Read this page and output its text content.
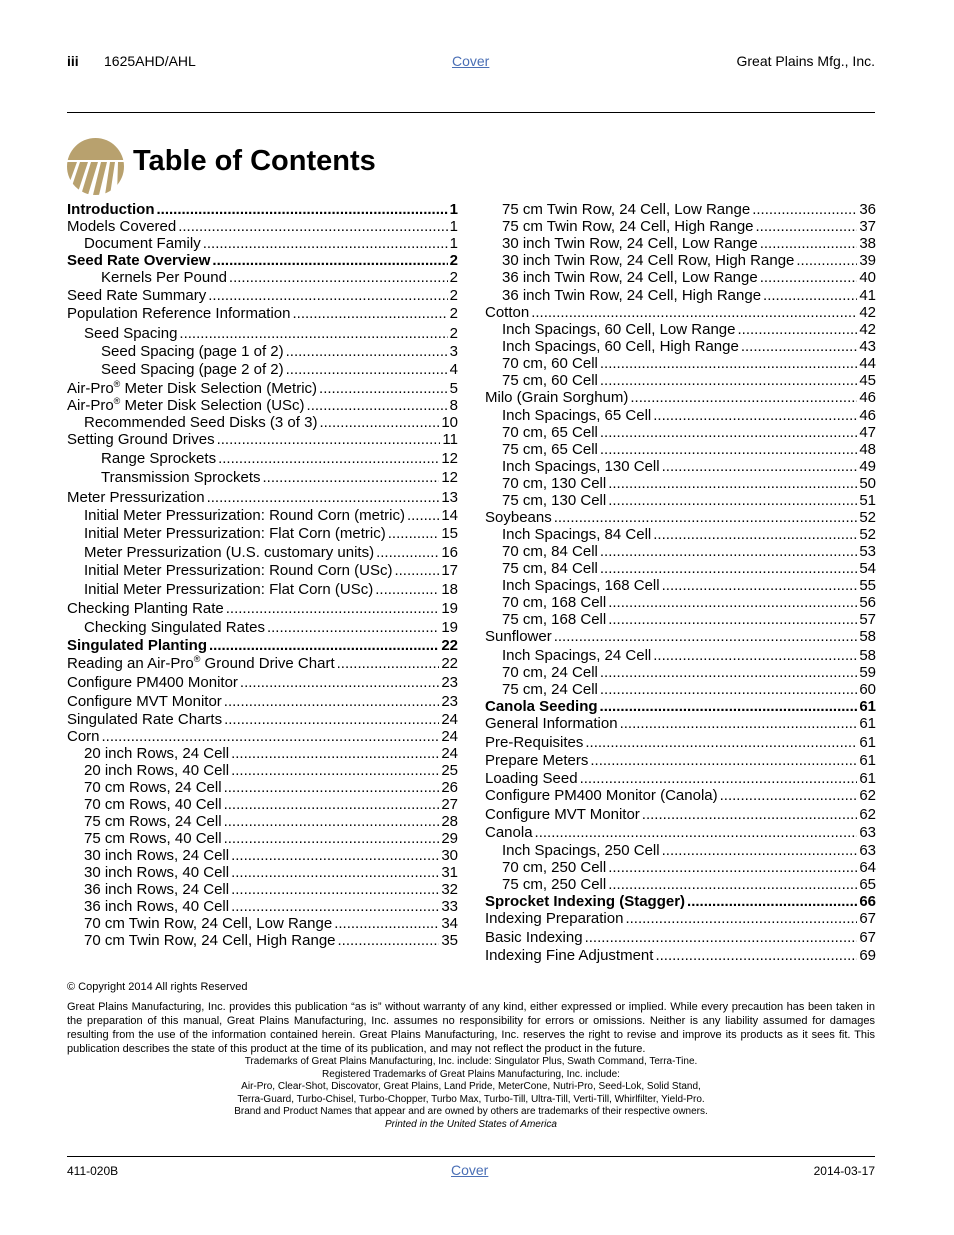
iii 1625AHD/AHL	Cover	Great Plains Mfg., Inc.
Table of Contents
Introduction .....	1
Models Covered .....	1
Document Family .....	1
Seed Rate Overview .....	2
Kernels Per Pound .....	2
Seed Rate Summary .....	2
Population Reference Information .....	2
Seed Spacing .....	2
Seed Spacing (page 1 of 2) .....	3
Seed Spacing (page 2 of 2) .....	4
Air-Pro® Meter Disk Selection (Metric) .....	5
Air-Pro® Meter Disk Selection (USc) .....	8
Recommended Seed Disks (3 of 3) .....	10
Setting Ground Drives .....	11
Range Sprockets .....	12
Transmission Sprockets .....	12
Meter Pressurization .....	13
Initial Meter Pressurization: Round Corn (metric) ..... 14
Initial Meter Pressurization: Flat Corn (metric) .....	15
Meter Pressurization (U.S. customary units) .....	16
Initial Meter Pressurization: Round Corn (USc) .....	17
Initial Meter Pressurization: Flat Corn (USc) .....	18
Checking Planting Rate .....	19
Checking Singulated Rates .....	19
Singulated Planting .....	22
Reading an Air-Pro® Ground Drive Chart .....	22
Configure PM400 Monitor .....	23
Configure MVT Monitor .....	23
Singulated Rate Charts .....	24
Corn .....	24
20 inch Rows, 24 Cell .....	24
20 inch Rows, 40 Cell .....	25
70 cm Rows, 24 Cell .....	26
70 cm Rows, 40 Cell .....	27
75 cm Rows, 24 Cell .....	28
75 cm Rows, 40 Cell .....	29
30 inch Rows, 24 Cell .....	30
30 inch Rows, 40 Cell .....	31
36 inch Rows, 24 Cell .....	32
36 inch Rows, 40 Cell .....	33
70 cm Twin Row, 24 Cell, Low Range .....	34
70 cm Twin Row, 24 Cell, High Range .....	35
75 cm Twin Row, 24 Cell, Low Range .....	36
75 cm Twin Row, 24 Cell, High Range .....	37
30 inch Twin Row, 24 Cell, Low Range .....	38
30 inch Twin Row, 24 Cell Row, High Range .....	39
36 inch Twin Row, 24 Cell, Low Range .....	40
36 inch Twin Row, 24 Cell, High Range .....	41
Cotton .....	42
Inch Spacings, 60 Cell, Low Range .....	42
Inch Spacings, 60 Cell, High Range .....	43
70 cm, 60 Cell .....	44
75 cm, 60 Cell .....	45
Milo (Grain Sorghum) .....	46
Inch Spacings, 65 Cell .....	46
70 cm, 65 Cell .....	47
75 cm, 65 Cell .....	48
Inch Spacings, 130 Cell .....	49
70 cm, 130 Cell .....	50
75 cm, 130 Cell .....	51
Soybeans .....	52
Inch Spacings, 84 Cell .....	52
70 cm, 84 Cell .....	53
75 cm, 84 Cell .....	54
Inch Spacings, 168 Cell .....	55
70 cm, 168 Cell .....	56
75 cm, 168 Cell .....	57
Sunflower .....	58
Inch Spacings, 24 Cell .....	58
70 cm, 24 Cell .....	59
75 cm, 24 Cell .....	60
Canola Seeding .....	61
General Information .....	61
Pre-Requisites .....	61
Prepare Meters .....	61
Loading Seed .....	61
Configure PM400 Monitor (Canola) .....	62
Configure MVT Monitor .....	62
Canola .....	63
Inch Spacings, 250 Cell .....	63
70 cm, 250 Cell .....	64
75 cm, 250 Cell .....	65
Sprocket Indexing (Stagger) .....	66
Indexing Preparation .....	67
Basic Indexing .....	67
Indexing Fine Adjustment .....	69

© Copyright 2014 All rights Reserved

Great Plains Manufacturing, Inc. provides this publication “as is” without warranty of any kind, either expressed or implied. While every precaution has been taken in the preparation of this manual, Great Plains Manufacturing, Inc. assumes no responsibility for errors or omissions. Neither is any liability assumed for damages resulting from the use of the information contained herein. Great Plains Manufacturing, Inc. reserves the right to revise and improve its products as it sees fit. This publication describes the state of this product at the time of its publication, and may not reflect the product in the future.

Trademarks of Great Plains Manufacturing, Inc. include: Singulator Plus, Swath Command, Terra-Tine.

Registered Trademarks of Great Plains Manufacturing, Inc. include:

Air-Pro, Clear-Shot, Discovator, Great Plains, Land Pride, MeterCone, Nutri-Pro, Seed-Lok, Solid Stand,

Terra-Guard, Turbo-Chisel, Turbo-Chopper, Turbo Max, Turbo-Till, Ultra-Till, Verti-Till, Whirlfilter, Yield-Pro.

Brand and Product Names that appear and are owned by others are trademarks of their respective owners.

Printed in the United States of America

411-020B	Cover	2014-03-17
